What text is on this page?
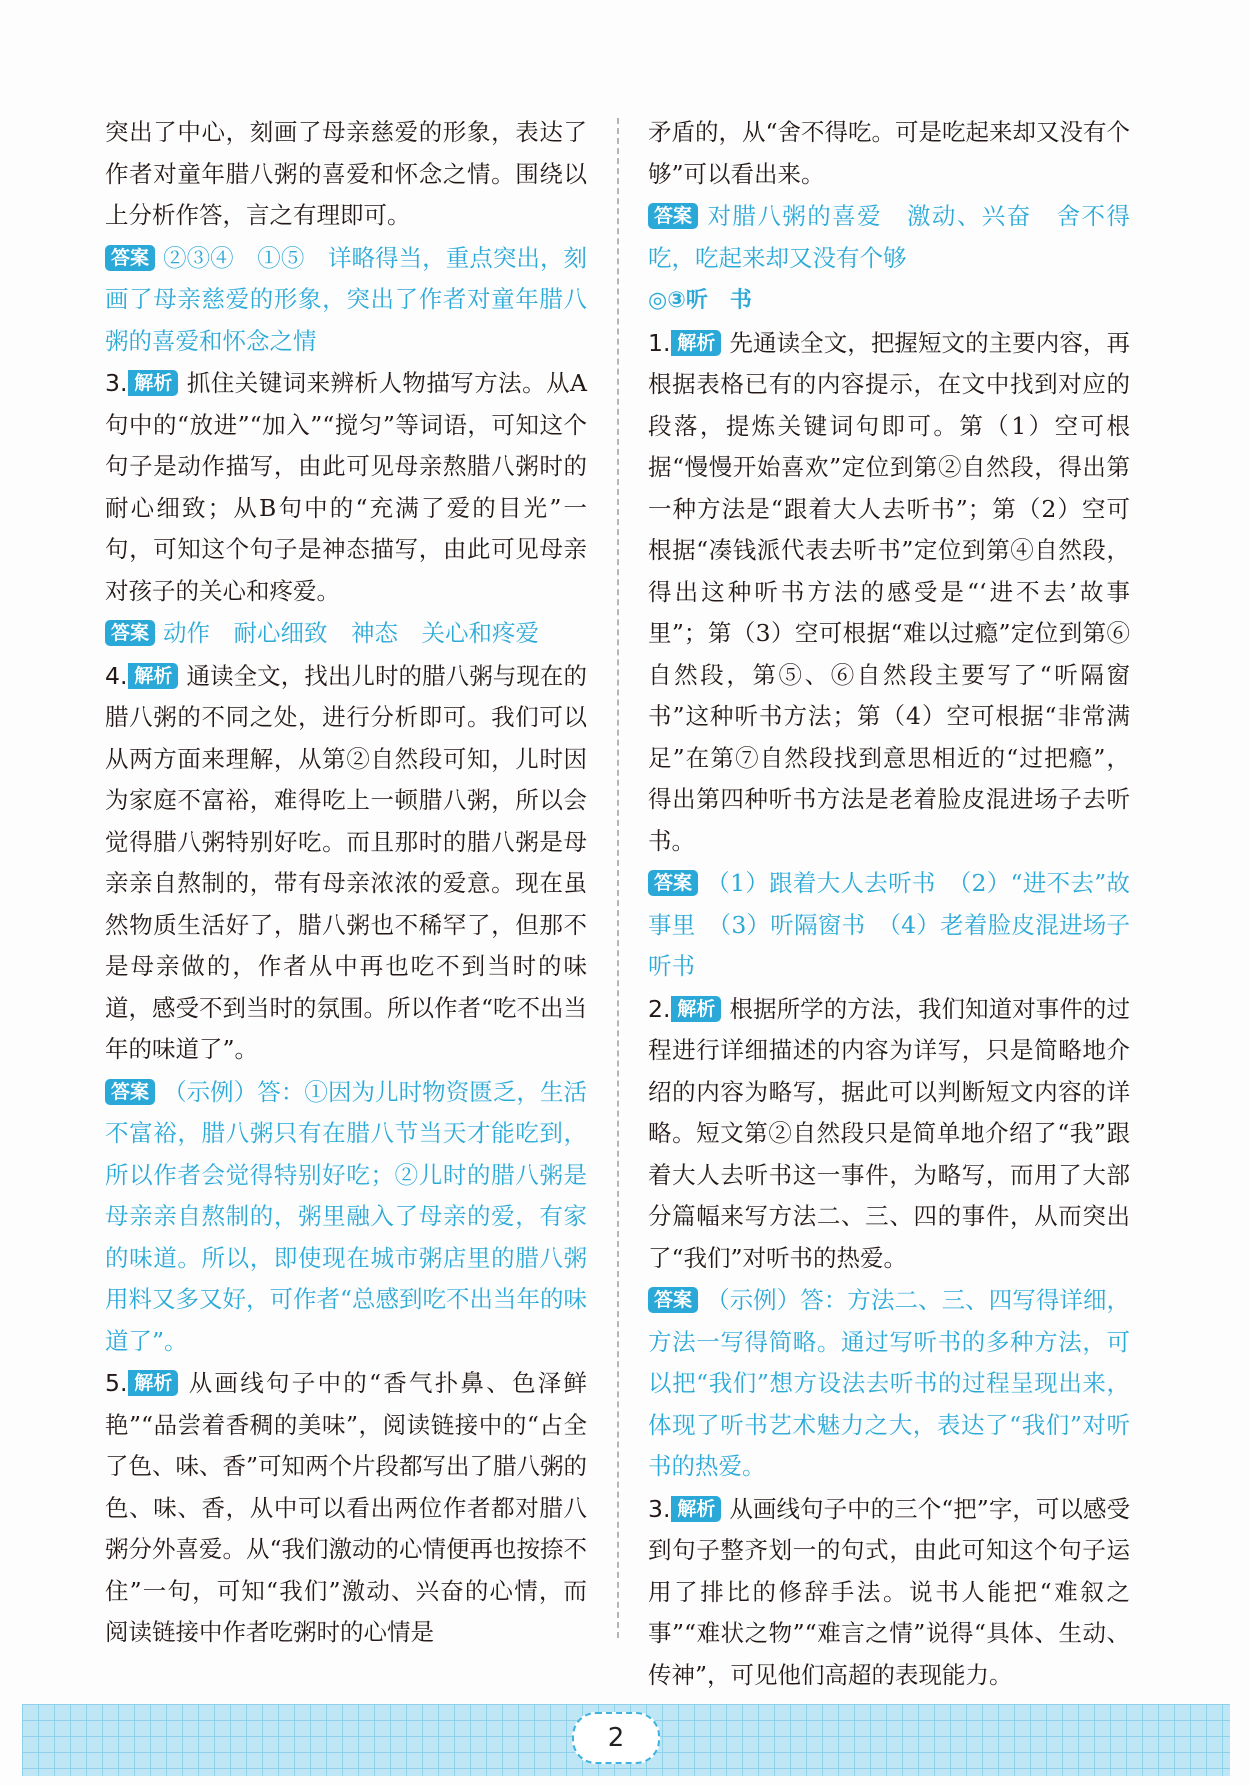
突出了中心，刻画了母亲慈爱的形象，表达了作者对童年腊八粥的喜爱和怀念之情。围绕以上分析作答，言之有理即可。

答案 ②③④　①⑤　详略得当，重点突出，刻画了母亲慈爱的形象，突出了作者对童年腊八粥的喜爱和怀念之情

3. 解析 抓住关键词来辨析人物描写方法。从A句中的“放进”“加入”“搅匀”等词语，可知这个句子是动作描写，由此可见母亲熬腊八粥时的耐心细致；从B句中的“充满了爱的目光”一句，可知这个句子是神态描写，由此可见母亲对孩子的关心和疼爱。

答案 动作　耐心细致　神态　关心和疼爱

4. 解析 通读全文，找出儿时的腊八粥与现在的腊八粥的不同之处，进行分析即可。我们可以从两方面来理解，从第②自然段可知，儿时因为家庭不富裕，难得吃上一顿腊八粥，所以会觉得腊八粥特别好吃。而且那时的腊八粥是母亲亲自熬制的，带有母亲浓浓的爱意。现在虽然物质生活好了，腊八粥也不稀罕了，但那不是母亲做的，作者从中再也吃不到当时的味道，感受不到当时的氛围。所以作者“吃不出当年的味道了”。

答案 （示例）答：①因为儿时物资匮乏，生活不富裕，腊八粥只有在腊八节当天才能吃到，所以作者会觉得特别好吃；②儿时的腊八粥是母亲亲自熬制的，粥里融入了母亲的爱，有家的味道。所以，即使现在城市粥店里的腊八粥用料又多又好，可作者“总感到吃不出当年的味道了”。

5. 解析 从画线句子中的“香气扑鼻、色泽鲜艳”“品尝着香稠的美味”，阅读链接中的“占全了色、味、香”可知两个片段都写出了腊八粥的色、味、香，从中可以看出两位作者都对腊八粥分外喜爱。从“我们激动的心情便再也按捺不住”一句，可知“我们”激动、兴奋的心情，而阅读链接中作者吃粥时的心情是

矛盾的，从“舍不得吃。可是吃起来却又没有个够”可以看出来。

答案 对腊八粥的喜爱　激动、兴奋　舍不得吃，吃起来却又没有个够

◎③听　书

1. 解析 先通读全文，把握短文的主要内容，再根据表格已有的内容提示，在文中找到对应的段落，提炼关键词句即可。第（1）空可根据“慢慢开始喜欢”定位到第②自然段，得出第一种方法是“跟着大人去听书”；第（2）空可根据“凑钱派代表去听书”定位到第④自然段，得出这种听书方法的感受是“‘进不去’故事里”；第（3）空可根据“难以过瘾”定位到第⑥自然段，第⑤、⑥自然段主要写了“听隔窗书”这种听书方法；第（4）空可根据“非常满足”在第⑦自然段找到意思相近的“过把瘾”，得出第四种听书方法是老着脸皮混进场子去听书。

答案 （1）跟着大人去听书　（2）“进不去”故事里　（3）听隔窗书　（4）老着脸皮混进场子听书

2. 解析 根据所学的方法，我们知道对事件的过程进行详细描述的内容为详写，只是简略地介绍的内容为略写，据此可以判断短文内容的详略。短文第②自然段只是简单地介绍了“我”跟着大人去听书这一事件，为略写，而用了大部分篇幅来写方法二、三、四的事件，从而突出了“我们”对听书的热爱。

答案 （示例）答：方法二、三、四写得详细，方法一写得简略。通过写听书的多种方法，可以把“我们”想方设法去听书的过程呈现出来，体现了听书艺术魅力之大，表达了“我们”对听书的热爱。

3. 解析 从画线句子中的三个“把”字，可以感受到句子整齐划一的句式，由此可知这个句子运用了排比的修辞手法。说书人能把“难叙之事”“难状之物”“难言之情”说得“具体、生动、传神”，可见他们高超的表现能力。

2
